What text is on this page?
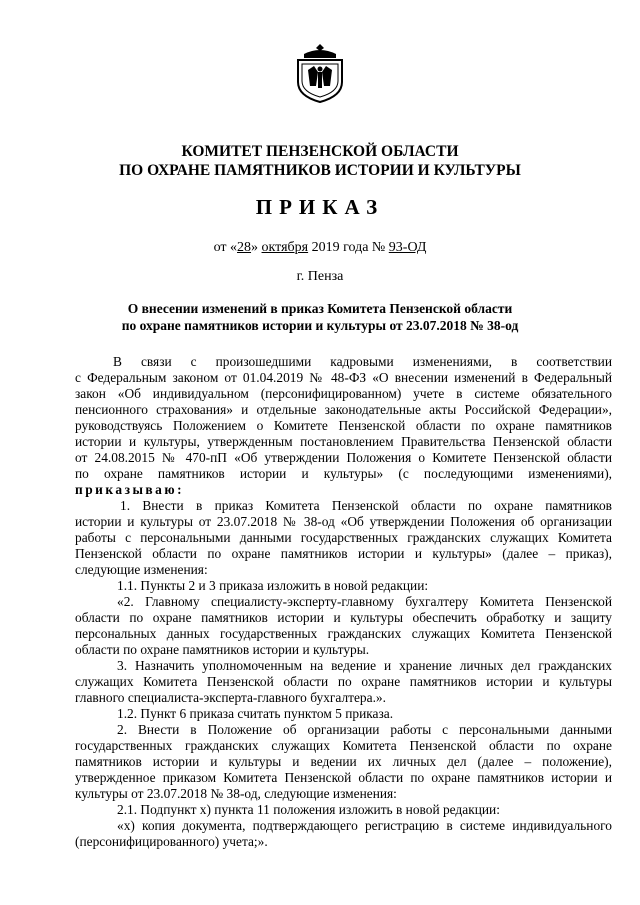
КОМИТЕТ ПЕНЗЕНСКОЙ ОБЛАСТИ
ПО ОХРАНЕ ПАМЯТНИКОВ ИСТОРИИ И КУЛЬТУРЫ
ПРИКАЗ
от «28» октября 2019 года № 93-ОД
г. Пенза
О внесении изменений в приказ Комитета Пензенской области
по охране памятников истории и культуры от 23.07.2018 № 38-од
В связи с произошедшими кадровыми изменениями, в соответствии
с Федеральным законом от 01.04.2019 № 48-ФЗ «О внесении изменений в Федеральный
закон «Об индивидуальном (персонифицированном) учете в системе обязательного
пенсионного страхования» и отдельные законодательные акты Российской Федерации»,
руководствуясь Положением о Комитете Пензенской области по охране памятников
истории и культуры, утвержденным постановлением Правительства Пензенской области
от 24.08.2015 № 470-пП «Об утверждении Положения о Комитете Пензенской области
по охране памятников истории и культуры» (с последующими изменениями),
приказываю:
1. Внести в приказ Комитета Пензенской области по охране памятников
истории и культуры от 23.07.2018 № 38-од «Об утверждении Положения об организации
работы с персональными данными государственных гражданских служащих Комитета
Пензенской области по охране памятников истории и культуры» (далее – приказ),
следующие изменения:
1.1. Пункты 2 и 3 приказа изложить в новой редакции:
«2. Главному специалисту-эксперту-главному бухгалтеру Комитета Пензенской
области по охране памятников истории и культуры обеспечить обработку и защиту
персональных данных государственных гражданских служащих Комитета Пензенской
области по охране памятников истории и культуры.
3. Назначить уполномоченным на ведение и хранение личных дел гражданских
служащих Комитета Пензенской области по охране памятников истории и культуры
главного специалиста-эксперта-главного бухгалтера.».
1.2. Пункт 6 приказа считать пунктом 5 приказа.
2. Внести в Положение об организации работы с персональными данными
государственных гражданских служащих Комитета Пензенской области по охране
памятников истории и культуры и ведении их личных дел (далее – положение),
утвержденное приказом Комитета Пензенской области по охране памятников истории и
культуры от 23.07.2018 № 38-од, следующие изменения:
2.1. Подпункт х) пункта 11 положения изложить в новой редакции:
«х) копия документа, подтверждающего регистрацию в системе индивидуального
(персонифицированного) учета;».
